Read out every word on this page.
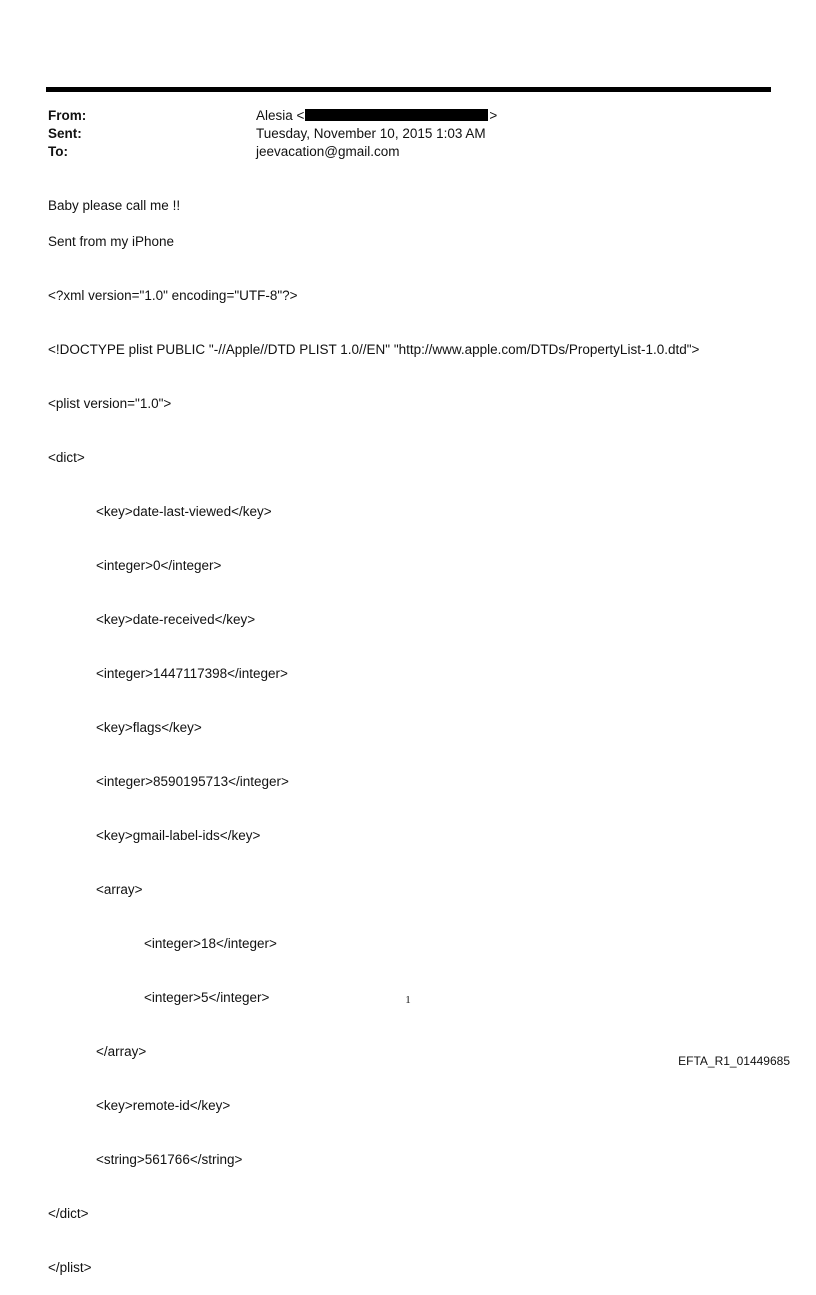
From:	Alesia <	>
Sent:	Tuesday, November 10, 2015 1:03 AM
To:	jeevacation@gmail.com
Baby please call me !!
Sent from my iPhone

<?xml version="1.0" encoding="UTF-8"?>

<!DOCTYPE plist PUBLIC "-//Apple//DTD PLIST 1.0//EN" "http://www.apple.com/DTDs/PropertyList-1.0.dtd">

<plist version="1.0">

<dict>

<key>date-last-viewed</key>

<integer>0</integer>

<key>date-received</key>

<integer>1447117398</integer>

<key>flags</key>

<integer>8590195713</integer>

<key>gmail-label-ids</key>

<array>

<integer>18</integer>

<integer>5</integer>

</array>

<key>remote-id</key>

<string>561766</string>

</dict>

</plist>

1
EFTA_R1_01449685
